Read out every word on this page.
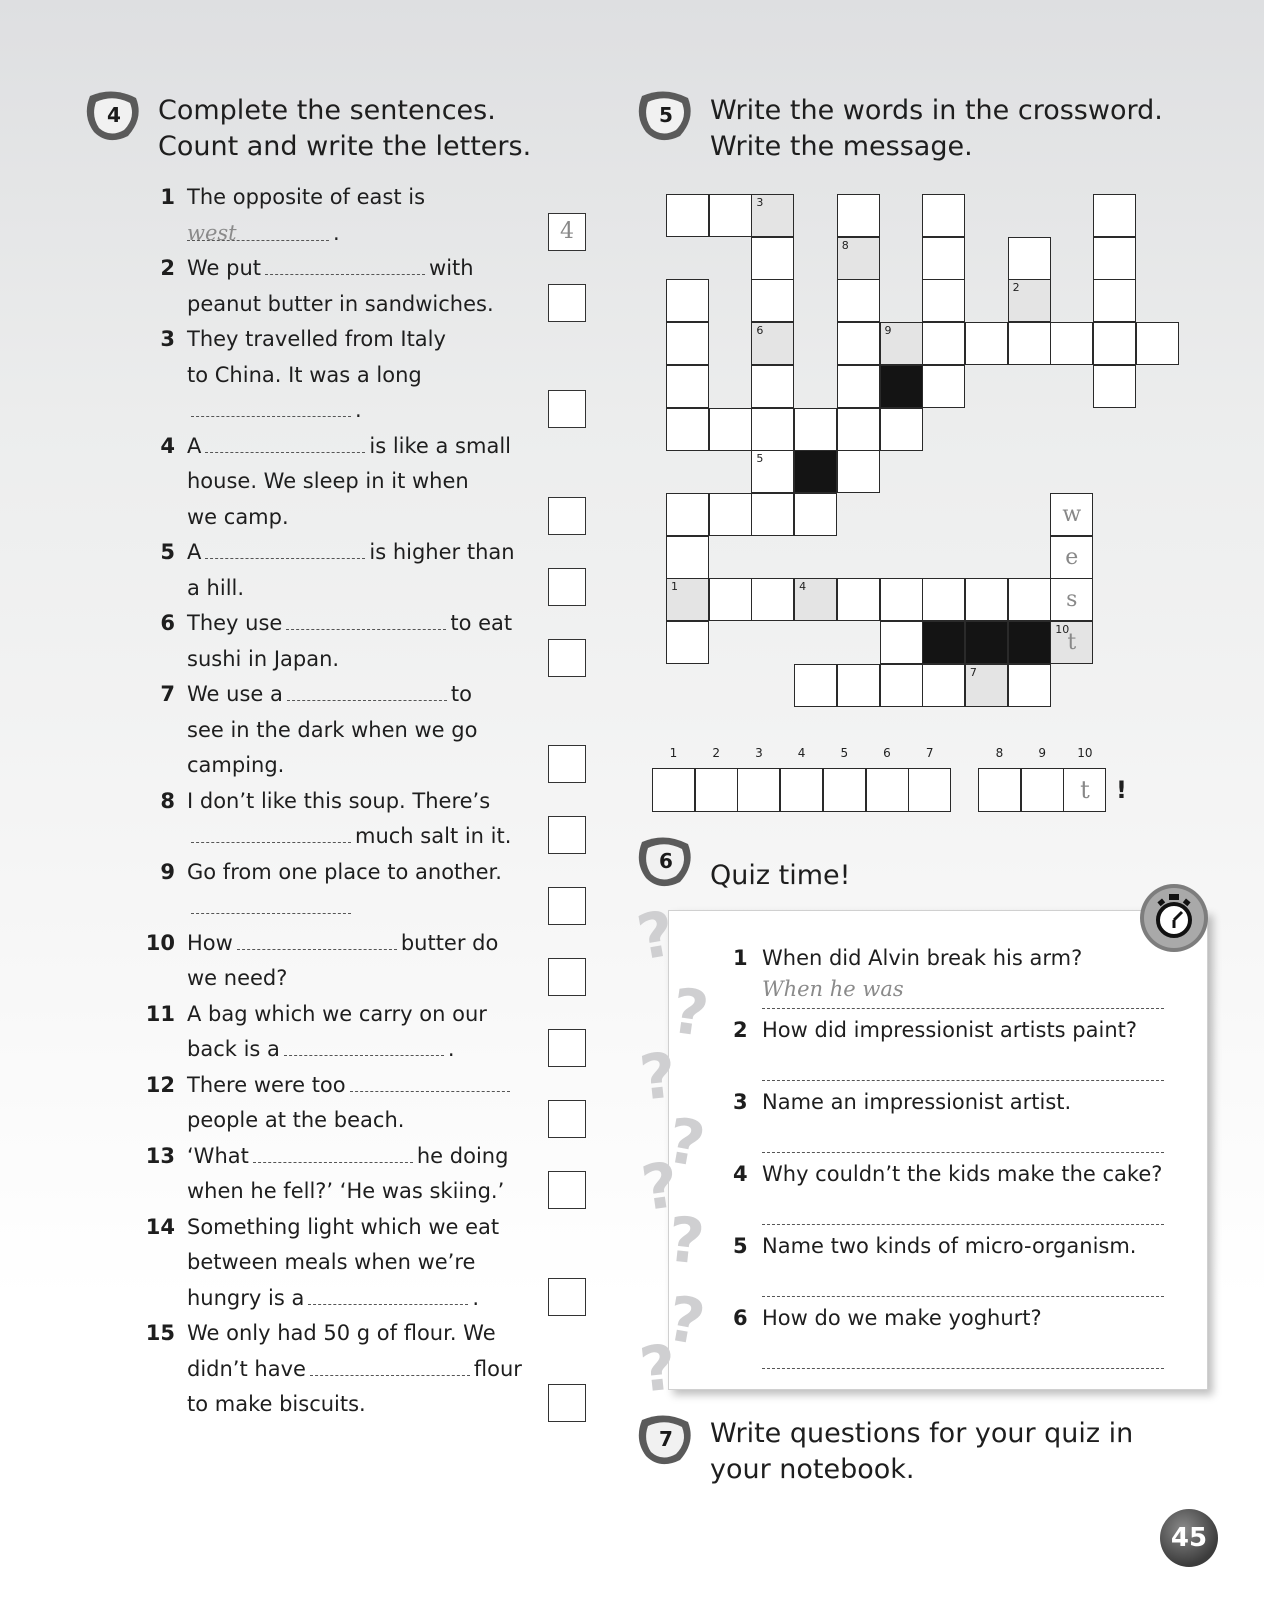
4	Complete the sentences.
Count and write the letters.
1 The opposite of east is
west	.	4
2 We put	with
peanut butter in sandwiches.
3 They travelled from Italy
to China. It was a long
.
4 A	is like a small
house. We sleep in it when
we camp.
5 A	is higher than
a hill.
6 They use	to eat
sushi in Japan.
7 We use a	to
see in the dark when we go
camping.
8 I don’t like this soup. There’s
much salt in it.
9 Go from one place to another.
10 How	butter do
we need?
11 A bag which we carry on our
back is a	.
12 There were too
people at the beach.
13 ‘What	he doing
when he fell?’ ‘He was skiing.’
14 Something light which we eat
between meals when we’re
hungry is a	.
15 We only had 50 g of flour. We
didn’t have	flour
to make biscuits.
5	Write the words in the crossword.
Write the message.
3
8
2
6	9
5
w
e
1	4
s
10
t
7
1	2	3	4	5	6	7	8	9	10
t	!
6	Quiz time!
?
?
?
?
?
?
?
?
1 When did Alvin break his arm?
When he was
2 How did impressionist artists paint?
3 Name an impressionist artist.
4 Why couldn’t the kids make the cake?
5 Name two kinds of micro-organism.
6 How do we make yoghurt?
7	Write questions for your quiz in
your notebook.
45
